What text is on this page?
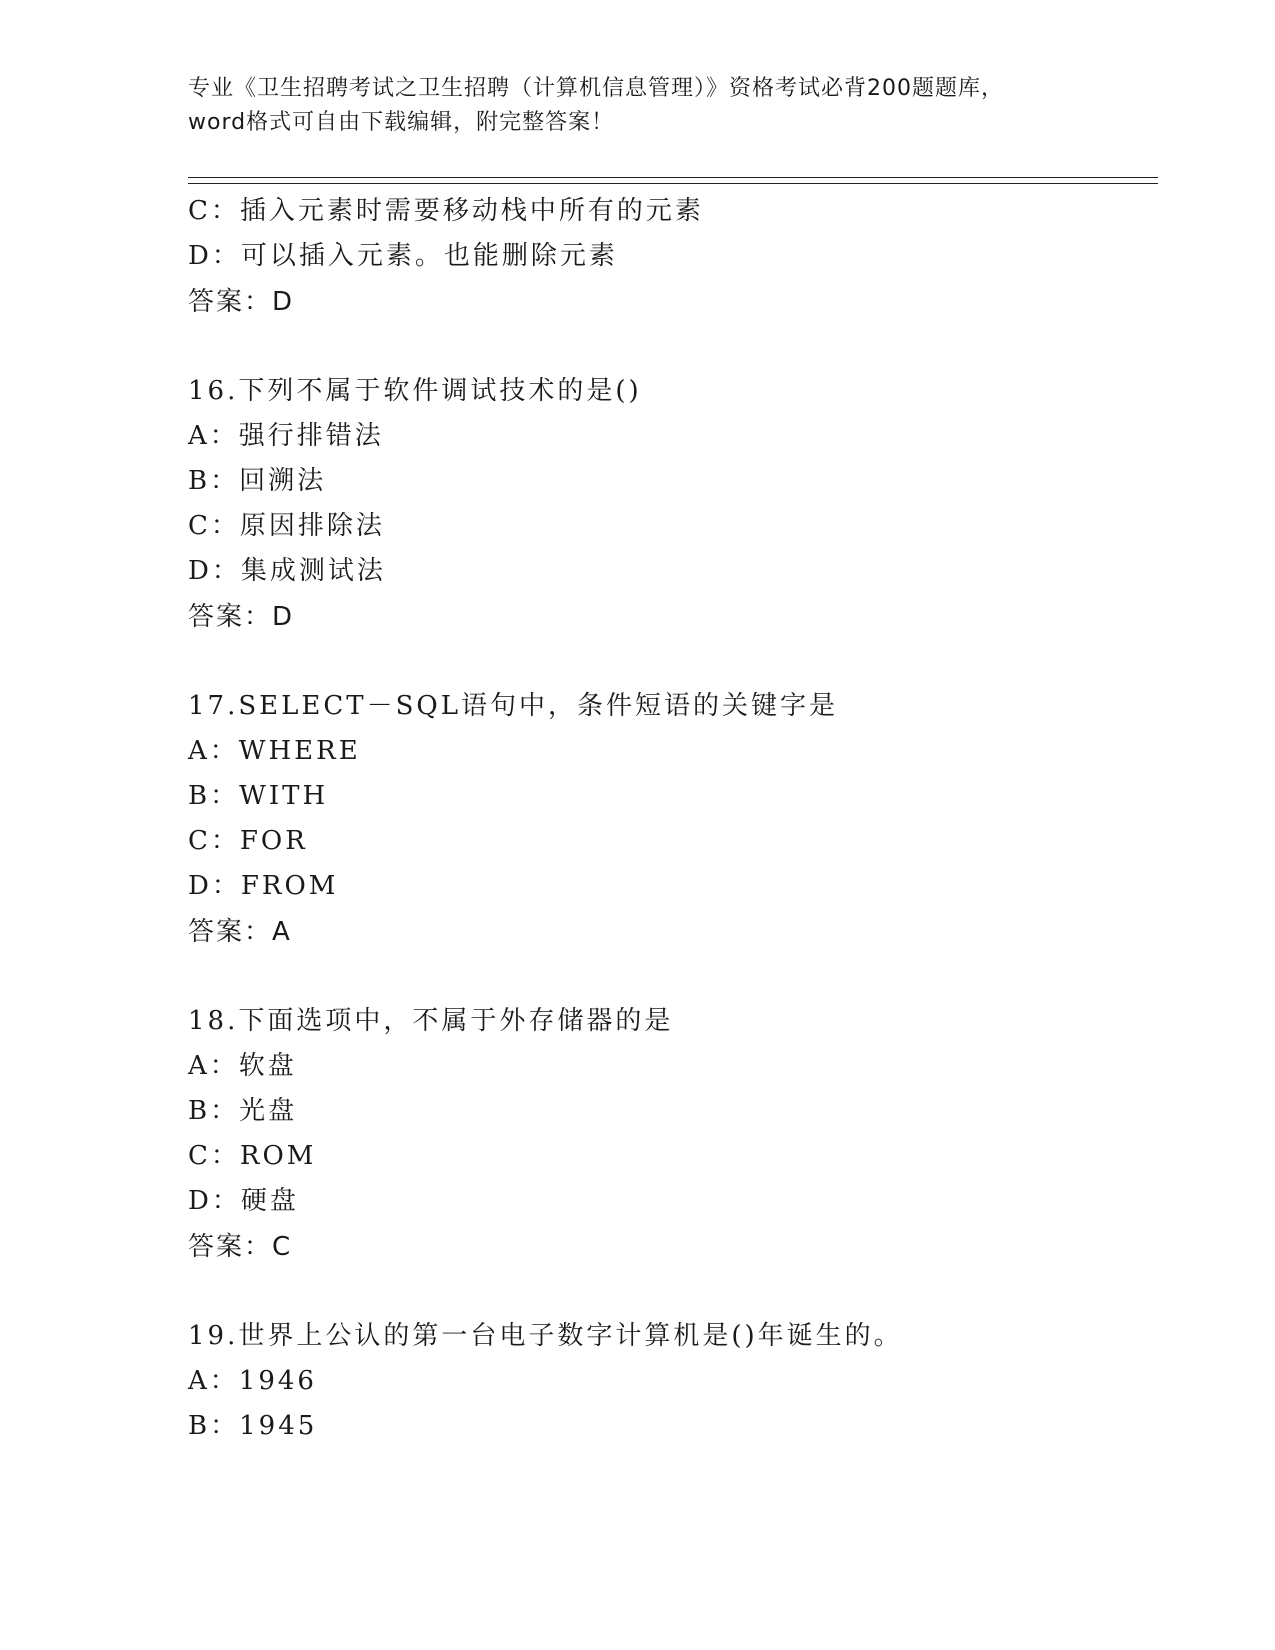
专业《卫生招聘考试之卫生招聘（计算机信息管理）》资格考试必背200题题库，
word格式可自由下载编辑，附完整答案！
C：插入元素时需要移动栈中所有的元素
D：可以插入元素。也能删除元素
答案：D
16.下列不属于软件调试技术的是()
A：强行排错法
B：回溯法
C：原因排除法
D：集成测试法
答案：D
17.SELECT－SQL语句中，条件短语的关键字是
A：WHERE
B：WITH
C：FOR
D：FROM
答案：A
18.下面选项中，不属于外存储器的是
A：软盘
B：光盘
C：ROM
D：硬盘
答案：C
19.世界上公认的第一台电子数字计算机是()年诞生的。
A：1946
B：1945
